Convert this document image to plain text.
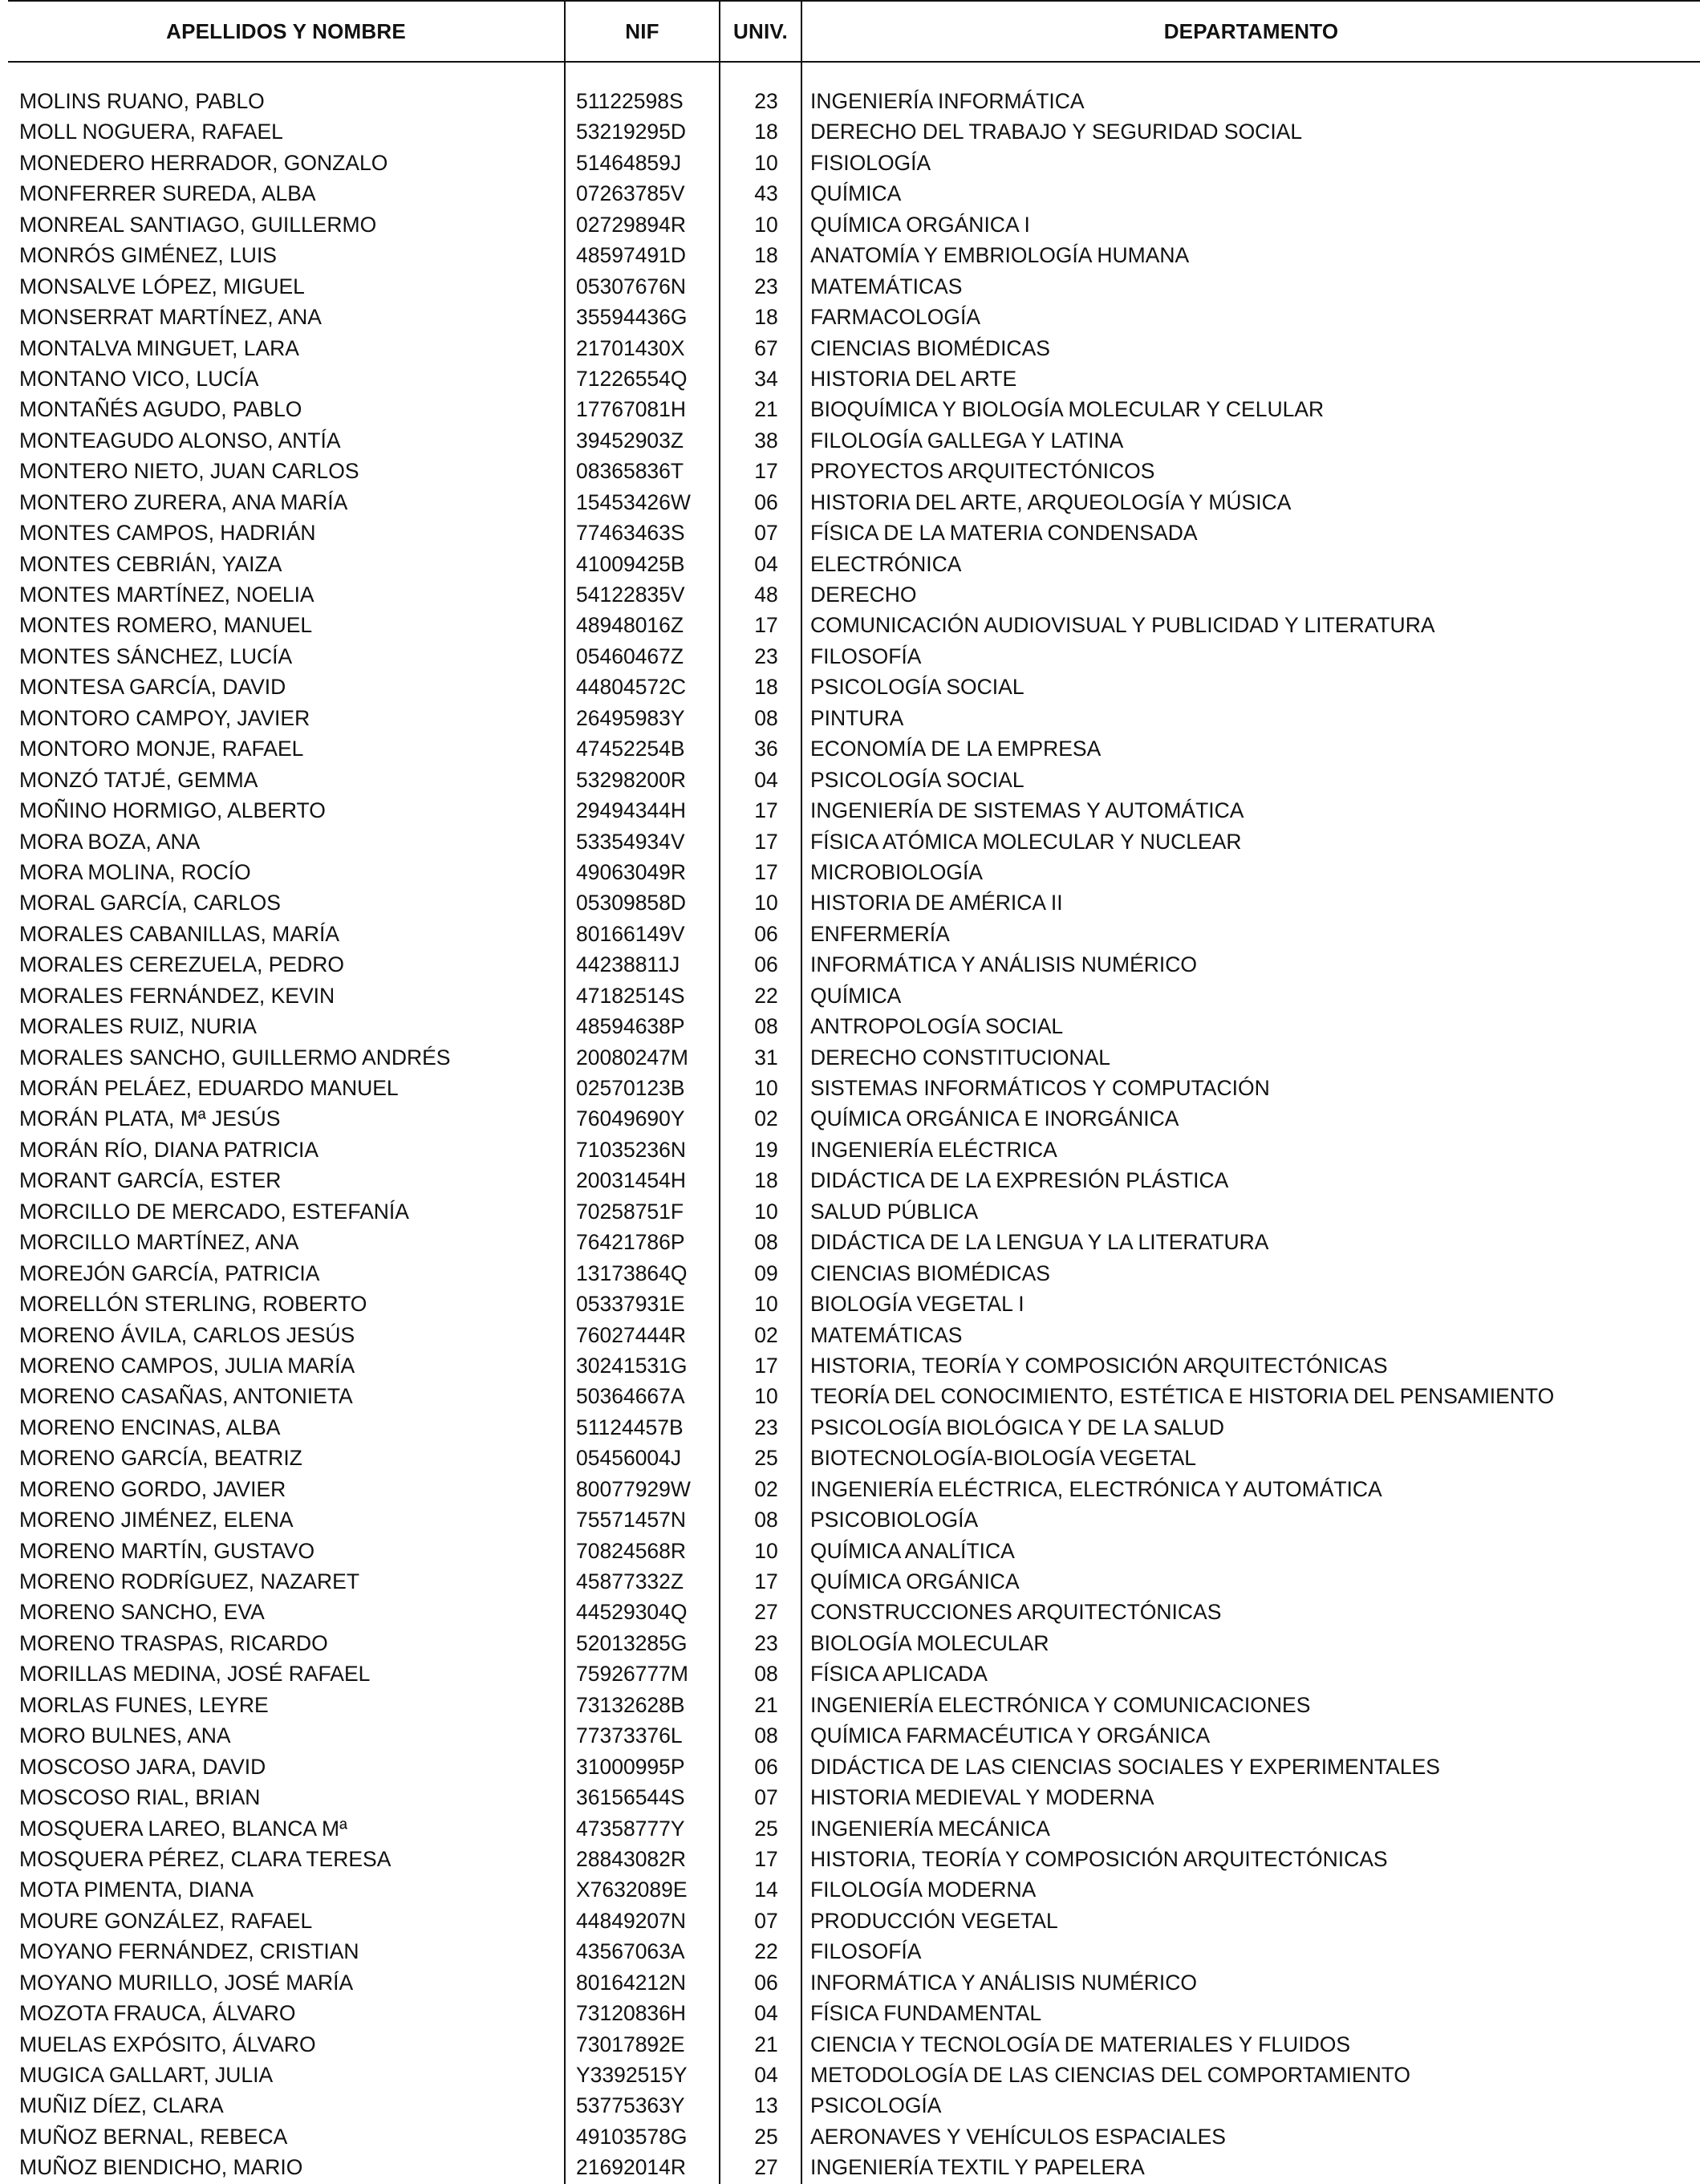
APELLIDOS Y NOMBRE	NIF	UNIV.	DEPARTAMENTO
MOLINS RUANO, PABLO	51122598S	23	INGENIERÍA INFORMÁTICA
MOLL NOGUERA, RAFAEL	53219295D	18	DERECHO DEL TRABAJO Y SEGURIDAD SOCIAL
MONEDERO HERRADOR, GONZALO	51464859J	10	FISIOLOGÍA
MONFERRER SUREDA, ALBA	07263785V	43	QUÍMICA
MONREAL SANTIAGO, GUILLERMO	02729894R	10	QUÍMICA ORGÁNICA I
MONRÓS GIMÉNEZ, LUIS	48597491D	18	ANATOMÍA Y EMBRIOLOGÍA HUMANA
MONSALVE LÓPEZ, MIGUEL	05307676N	23	MATEMÁTICAS
MONSERRAT MARTÍNEZ, ANA	35594436G	18	FARMACOLOGÍA
MONTALVA MINGUET, LARA	21701430X	67	CIENCIAS BIOMÉDICAS
MONTANO VICO, LUCÍA	71226554Q	34	HISTORIA DEL ARTE
MONTAÑÉS AGUDO, PABLO	17767081H	21	BIOQUÍMICA Y BIOLOGÍA MOLECULAR Y CELULAR
MONTEAGUDO ALONSO, ANTÍA	39452903Z	38	FILOLOGÍA GALLEGA Y LATINA
MONTERO NIETO, JUAN CARLOS	08365836T	17	PROYECTOS ARQUITECTÓNICOS
MONTERO ZURERA, ANA MARÍA	15453426W	06	HISTORIA DEL ARTE, ARQUEOLOGÍA Y MÚSICA
MONTES CAMPOS, HADRIÁN	77463463S	07	FÍSICA DE LA MATERIA CONDENSADA
MONTES CEBRIÁN, YAIZA	41009425B	04	ELECTRÓNICA
MONTES MARTÍNEZ, NOELIA	54122835V	48	DERECHO
MONTES ROMERO, MANUEL	48948016Z	17	COMUNICACIÓN AUDIOVISUAL Y PUBLICIDAD Y LITERATURA
MONTES SÁNCHEZ, LUCÍA	05460467Z	23	FILOSOFÍA
MONTESA GARCÍA, DAVID	44804572C	18	PSICOLOGÍA SOCIAL
MONTORO CAMPOY, JAVIER	26495983Y	08	PINTURA
MONTORO MONJE, RAFAEL	47452254B	36	ECONOMÍA DE LA EMPRESA
MONZÓ TATJÉ, GEMMA	53298200R	04	PSICOLOGÍA SOCIAL
MOÑINO HORMIGO, ALBERTO	29494344H	17	INGENIERÍA DE SISTEMAS Y AUTOMÁTICA
MORA BOZA, ANA	53354934V	17	FÍSICA ATÓMICA MOLECULAR Y NUCLEAR
MORA MOLINA, ROCÍO	49063049R	17	MICROBIOLOGÍA
MORAL GARCÍA, CARLOS	05309858D	10	HISTORIA DE AMÉRICA II
MORALES CABANILLAS, MARÍA	80166149V	06	ENFERMERÍA
MORALES CEREZUELA, PEDRO	44238811J	06	INFORMÁTICA Y ANÁLISIS NUMÉRICO
MORALES FERNÁNDEZ, KEVIN	47182514S	22	QUÍMICA
MORALES RUIZ, NURIA	48594638P	08	ANTROPOLOGÍA SOCIAL
MORALES SANCHO, GUILLERMO ANDRÉS	20080247M	31	DERECHO CONSTITUCIONAL
MORÁN PELÁEZ, EDUARDO MANUEL	02570123B	10	SISTEMAS INFORMÁTICOS Y COMPUTACIÓN
MORÁN PLATA, Mª JESÚS	76049690Y	02	QUÍMICA ORGÁNICA E INORGÁNICA
MORÁN RÍO, DIANA PATRICIA	71035236N	19	INGENIERÍA ELÉCTRICA
MORANT GARCÍA, ESTER	20031454H	18	DIDÁCTICA DE LA EXPRESIÓN PLÁSTICA
MORCILLO DE MERCADO, ESTEFANÍA	70258751F	10	SALUD PÚBLICA
MORCILLO MARTÍNEZ, ANA	76421786P	08	DIDÁCTICA DE LA LENGUA Y LA LITERATURA
MOREJÓN GARCÍA, PATRICIA	13173864Q	09	CIENCIAS BIOMÉDICAS
MORELLÓN STERLING, ROBERTO	05337931E	10	BIOLOGÍA VEGETAL I
MORENO ÁVILA, CARLOS JESÚS	76027444R	02	MATEMÁTICAS
MORENO CAMPOS, JULIA MARÍA	30241531G	17	HISTORIA, TEORÍA Y COMPOSICIÓN ARQUITECTÓNICAS
MORENO CASAÑAS, ANTONIETA	50364667A	10	TEORÍA DEL CONOCIMIENTO, ESTÉTICA E HISTORIA DEL PENSAMIENTO
MORENO ENCINAS, ALBA	51124457B	23	PSICOLOGÍA BIOLÓGICA Y DE LA SALUD
MORENO GARCÍA, BEATRIZ	05456004J	25	BIOTECNOLOGÍA-BIOLOGÍA VEGETAL
MORENO GORDO, JAVIER	80077929W	02	INGENIERÍA ELÉCTRICA, ELECTRÓNICA Y AUTOMÁTICA
MORENO JIMÉNEZ, ELENA	75571457N	08	PSICOBIOLOGÍA
MORENO MARTÍN, GUSTAVO	70824568R	10	QUÍMICA ANALÍTICA
MORENO RODRÍGUEZ, NAZARET	45877332Z	17	QUÍMICA ORGÁNICA
MORENO SANCHO, EVA	44529304Q	27	CONSTRUCCIONES ARQUITECTÓNICAS
MORENO TRASPAS, RICARDO	52013285G	23	BIOLOGÍA MOLECULAR
MORILLAS MEDINA, JOSÉ RAFAEL	75926777M	08	FÍSICA APLICADA
MORLAS FUNES, LEYRE	73132628B	21	INGENIERÍA ELECTRÓNICA Y COMUNICACIONES
MORO BULNES, ANA	77373376L	08	QUÍMICA FARMACÉUTICA Y ORGÁNICA
MOSCOSO JARA, DAVID	31000995P	06	DIDÁCTICA DE LAS CIENCIAS SOCIALES Y EXPERIMENTALES
MOSCOSO RIAL, BRIAN	36156544S	07	HISTORIA MEDIEVAL Y MODERNA
MOSQUERA LAREO, BLANCA Mª	47358777Y	25	INGENIERÍA MECÁNICA
MOSQUERA PÉREZ, CLARA TERESA	28843082R	17	HISTORIA, TEORÍA Y COMPOSICIÓN ARQUITECTÓNICAS
MOTA PIMENTA, DIANA	X7632089E	14	FILOLOGÍA MODERNA
MOURE GONZÁLEZ, RAFAEL	44849207N	07	PRODUCCIÓN VEGETAL
MOYANO FERNÁNDEZ, CRISTIAN	43567063A	22	FILOSOFÍA
MOYANO MURILLO, JOSÉ MARÍA	80164212N	06	INFORMÁTICA Y ANÁLISIS NUMÉRICO
MOZOTA FRAUCA, ÁLVARO	73120836H	04	FÍSICA FUNDAMENTAL
MUELAS EXPÓSITO, ÁLVARO	73017892E	21	CIENCIA Y TECNOLOGÍA DE MATERIALES Y FLUIDOS
MUGICA GALLART, JULIA	Y3392515Y	04	METODOLOGÍA DE LAS CIENCIAS DEL COMPORTAMIENTO
MUÑIZ DÍEZ, CLARA	53775363Y	13	PSICOLOGÍA
MUÑOZ BERNAL, REBECA	49103578G	25	AERONAVES Y VEHÍCULOS ESPACIALES
MUÑOZ BIENDICHO, MARIO	21692014R	27	INGENIERÍA TEXTIL Y PAPELERA
